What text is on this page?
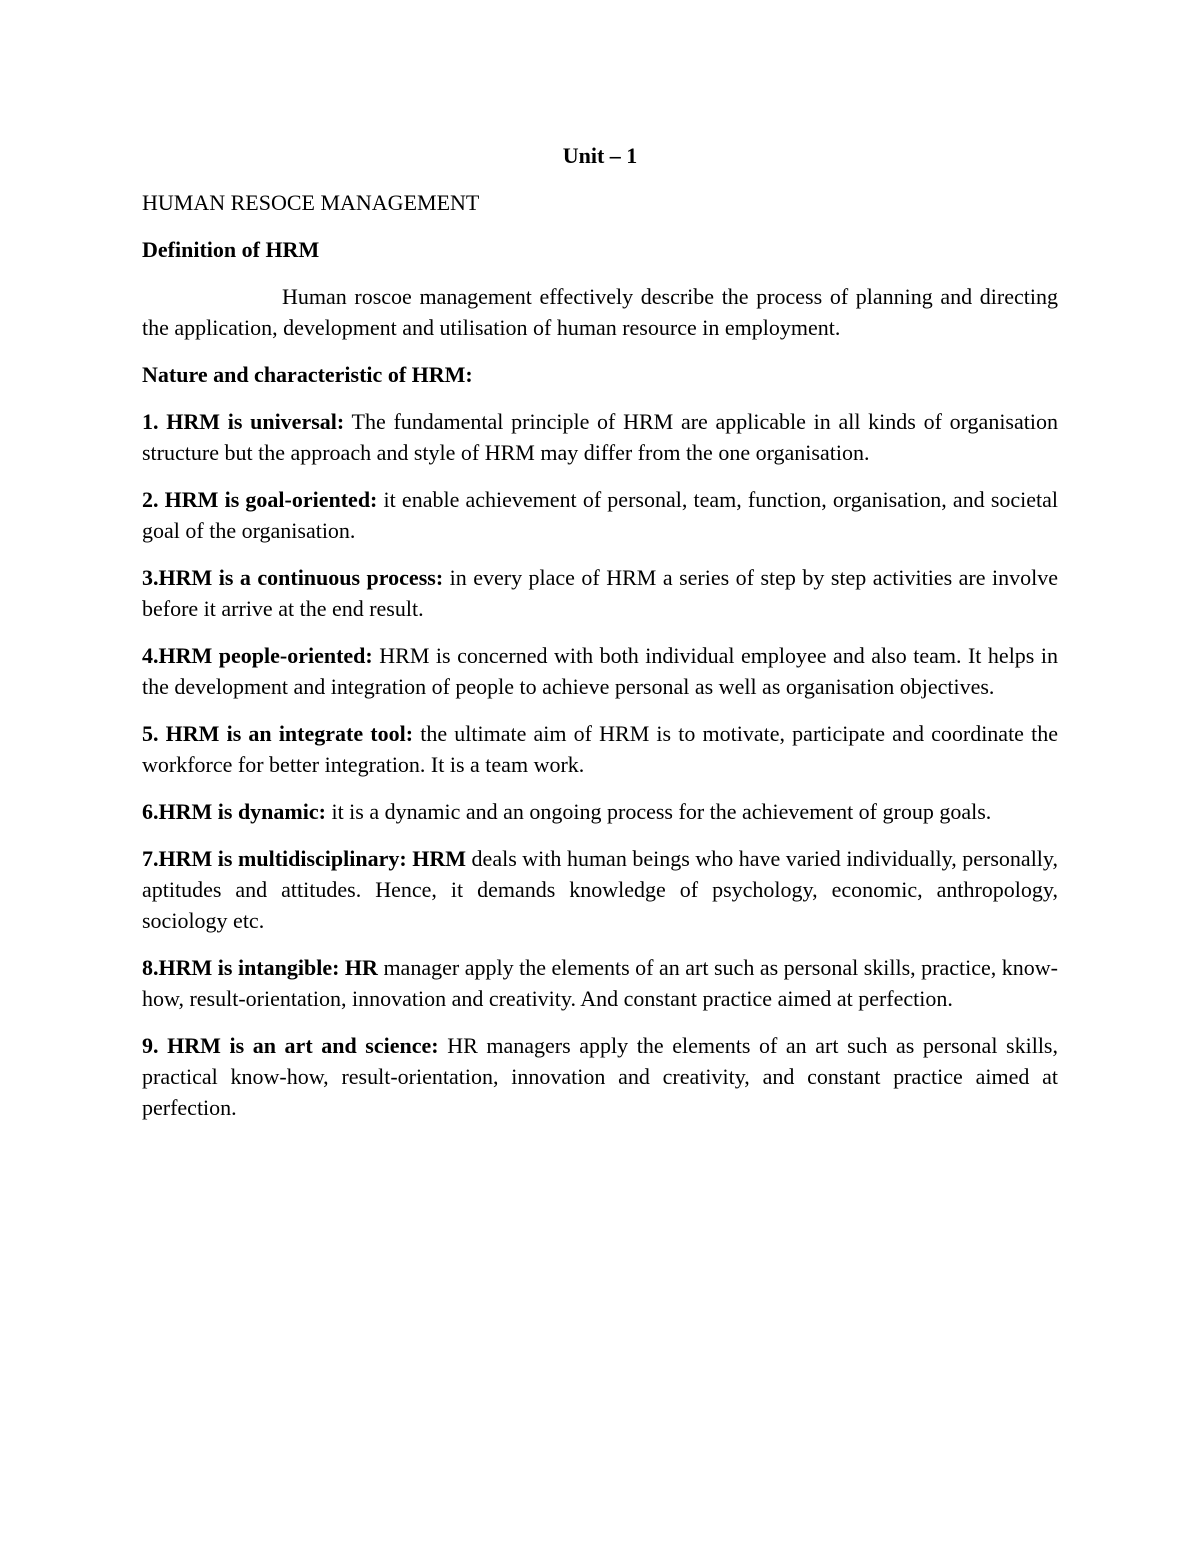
Unit – 1
HUMAN RESOCE MANAGEMENT
Definition of HRM
Human roscoe management effectively describe the process of planning and directing the application, development and utilisation of human resource in employment.
Nature and characteristic of HRM:
1. HRM is universal: The fundamental principle of HRM are applicable in all kinds of organisation structure but the approach and style of HRM may differ from the one organisation.
2. HRM is goal-oriented: it enable achievement of personal, team, function, organisation, and societal goal of the organisation.
3.HRM is a continuous process: in every place of HRM a series of step by step activities are involve before it arrive at the end result.
4.HRM people-oriented: HRM is concerned with both individual employee and also team. It helps in the development and integration of people to achieve personal as well as organisation objectives.
5. HRM is an integrate tool: the ultimate aim of HRM is to motivate, participate and coordinate the workforce for better integration. It is a team work.
6.HRM is dynamic: it is a dynamic and an ongoing process for the achievement of group goals.
7.HRM is multidisciplinary: HRM deals with human beings who have varied individually, personally, aptitudes and attitudes. Hence, it demands knowledge of psychology, economic, anthropology, sociology etc.
8.HRM is intangible: HR manager apply the elements of an art such as personal skills, practice, know-how, result-orientation, innovation and creativity. And constant practice aimed at perfection.
9. HRM is an art and science: HR managers apply the elements of an art such as personal skills, practical know-how, result-orientation, innovation and creativity, and constant practice aimed at perfection.
